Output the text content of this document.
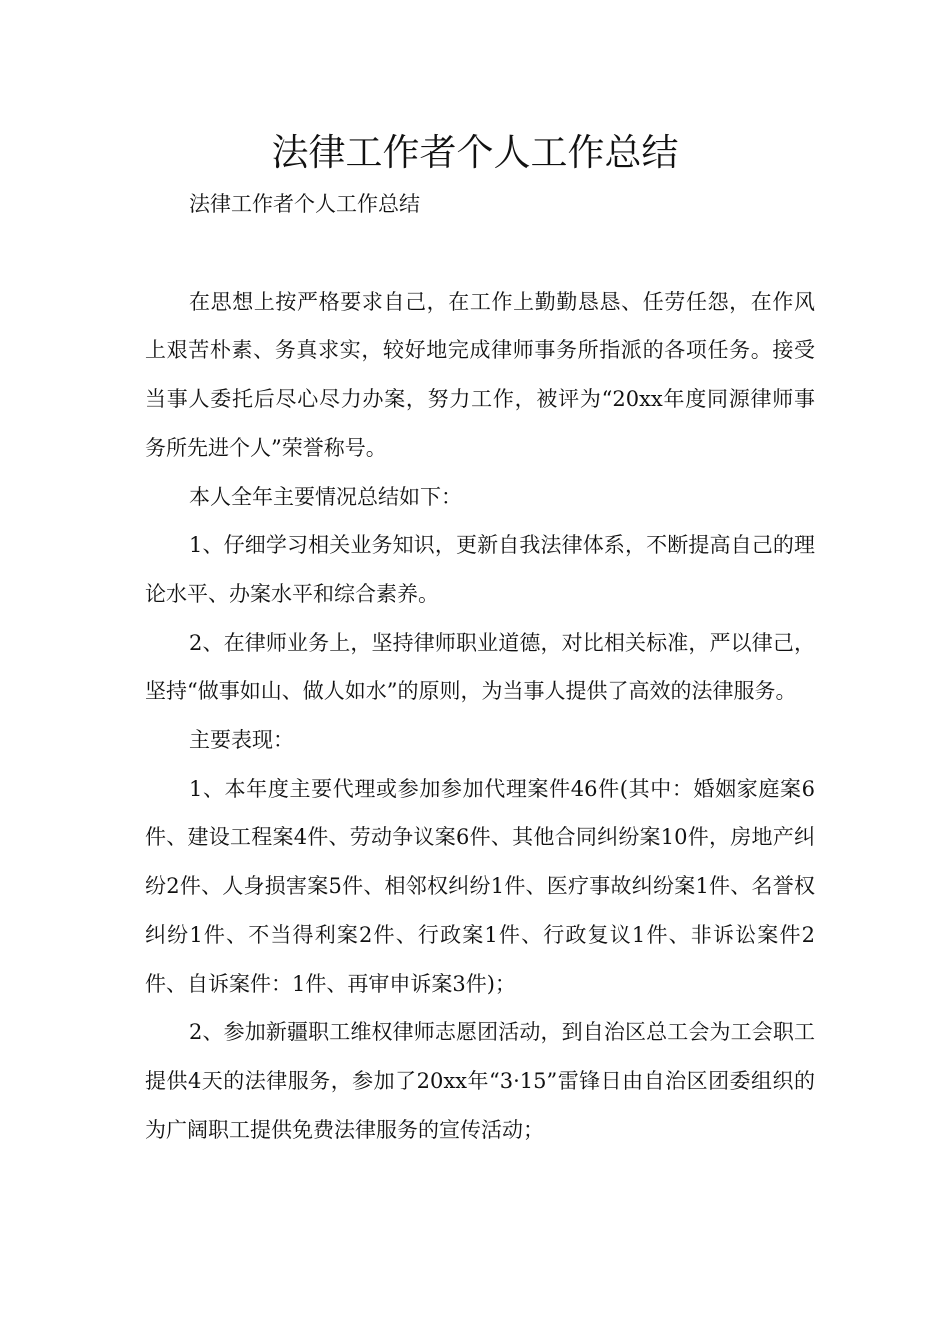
法律工作者个人工作总结

法律工作者个人工作总结

在思想上按严格要求自己，在工作上勤勤恳恳、任劳任怨，在作风上艰苦朴素、务真求实，较好地完成律师事务所指派的各项任务。接受当事人委托后尽心尽力办案，努力工作，被评为“20xx年度同源律师事务所先进个人”荣誉称号。

本人全年主要情况总结如下：

1、仔细学习相关业务知识，更新自我法律体系，不断提高自己的理论水平、办案水平和综合素养。

2、在律师业务上，坚持律师职业道德，对比相关标准，严以律己，坚持“做事如山、做人如水”的原则，为当事人提供了高效的法律服务。

主要表现：

1、本年度主要代理或参加参加代理案件46件(其中：婚姻家庭案6件、建设工程案4件、劳动争议案6件、其他合同纠纷案10件，房地产纠纷2件、人身损害案5件、相邻权纠纷1件、医疗事故纠纷案1件、名誉权纠纷1件、不当得利案2件、行政案1件、行政复议1件、非诉讼案件2件、自诉案件：1件、再审申诉案3件)；

2、参加新疆职工维权律师志愿团活动，到自治区总工会为工会职工提供4天的法律服务，参加了20xx年“3·15”雷锋日由自治区团委组织的为广阔职工提供免费法律服务的宣传活动；
